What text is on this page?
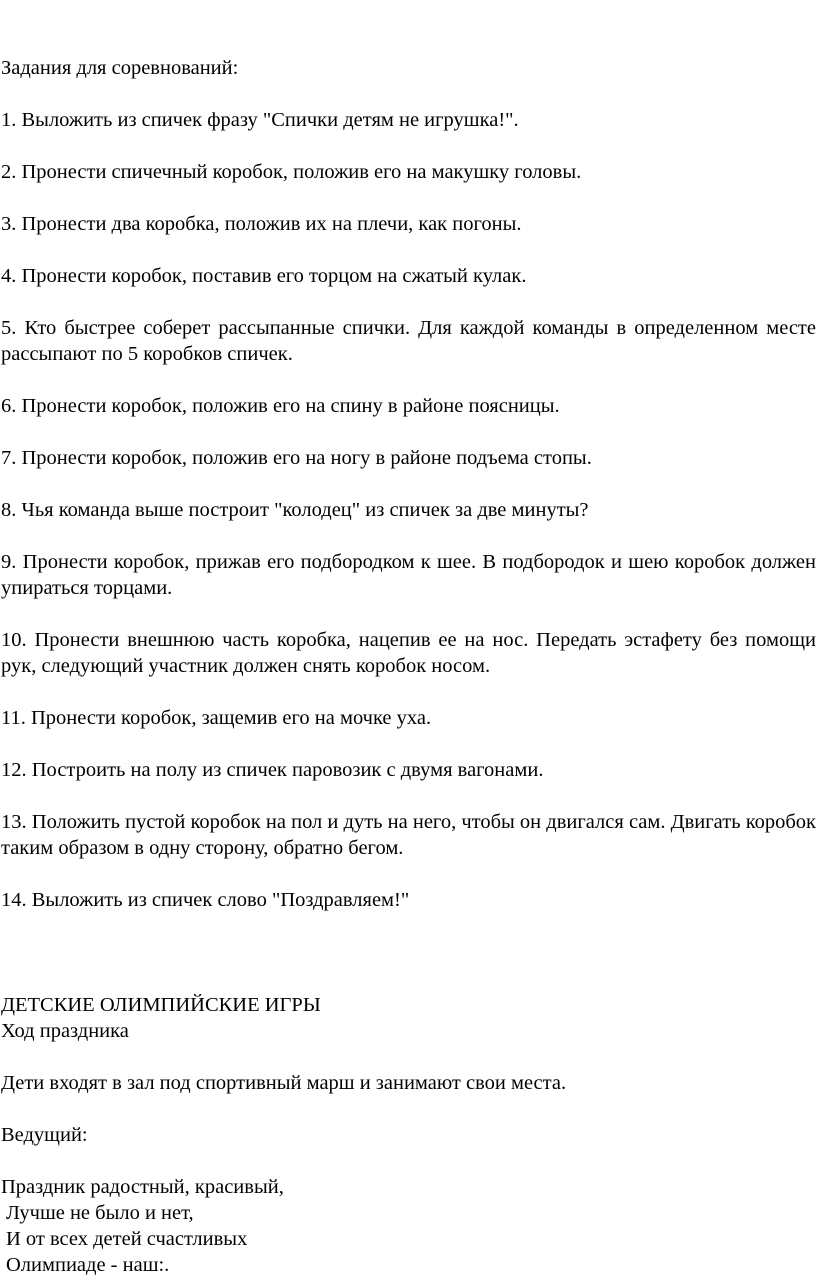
Задания для соревнований:
1. Выложить из спичек фразу "Спички детям не игрушка!".
2. Пронести спичечный коробок, положив его на макушку головы.
3. Пронести два коробка, положив их на плечи, как погоны.
4. Пронести коробок, поставив его торцом на сжатый кулак.
5. Кто быстрее соберет рассыпанные спички. Для каждой команды в определенном месте рассыпают по 5 коробков спичек.
6. Пронести коробок, положив его на спину в районе поясницы.
7. Пронести коробок, положив его на ногу в районе подъема стопы.
8. Чья команда выше построит "колодец" из спичек за две минуты?
9. Пронести коробок, прижав его подбородком к шее. В подбородок и шею коробок должен упираться торцами.
10. Пронести внешнюю часть коробка, нацепив ее на нос. Передать эстафету без помощи рук, следующий участник должен снять коробок носом.
11. Пронести коробок, защемив его на мочке уха.
12. Построить на полу из спичек паровозик с двумя вагонами.
13. Положить пустой коробок на пол и дуть на него, чтобы он двигался сам. Двигать коробок таким образом в одну сторону, обратно бегом.
14. Выложить из спичек слово "Поздравляем!"
ДЕТСКИЕ ОЛИМПИЙСКИЕ ИГРЫ
Ход праздника
Дети входят в зал под спортивный марш и занимают свои места.
Ведущий:
Праздник радостный, красивый,
Лучше не было и нет,
И от всех детей счастливых
Олимпиаде - наш:.
